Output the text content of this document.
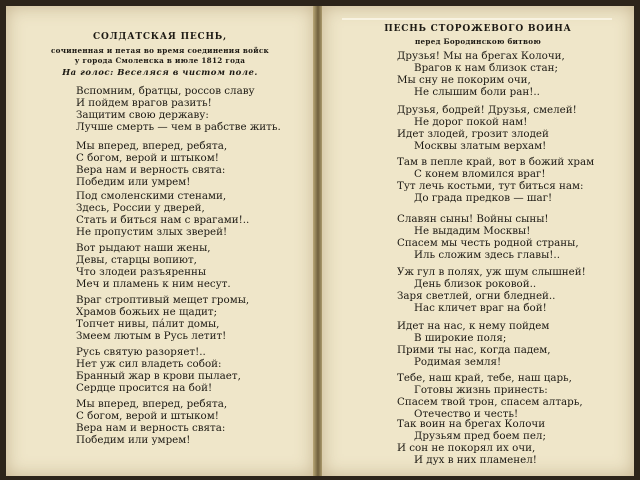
СОЛДАТСКАЯ ПЕСНЬ,
сочиненная и петая во время соединения войск
у города Смоленска в июле 1812 года
На голос: Веселяся в чистом поле.
Вспомним, братцы, россов славу
И пойдем врагов разить!
Защитим свою державу:
Лучше смерть — чем в рабстве жить.
Мы вперед, вперед, ребята,
С богом, верой и штыком!
Вера нам и верность свята:
Победим или умрем!
Под смоленскими стенами,
Здесь, России у дверей,
Стать и биться нам с врагами!..
Не пропустим злых зверей!
Вот рыдают наши жены,
Девы, старцы вопиют,
Что злодеи разъяренны
Меч и пламень к ним несут.
Враг строптивый мещет громы,
Храмов божьих не щадит;
Топчет нивы, пáлит домы,
Змеем лютым в Русь летит!
Русь святую разоряет!..
Нет уж сил владеть собой:
Бранный жар в крови пылает,
Сердце просится на бой!
Мы вперед, вперед, ребята,
С богом, верой и штыком!
Вера нам и верность свята:
Победим или умрем!
ПЕСНЬ СТОРОЖЕВОГО ВОИНА
перед Бородинскою битвою
Друзья! Мы на брегах Колочи,
Врагов к нам близок стан;
Мы сну не покорим очи,
Не слышим боли ран!..
Друзья, бодрей! Друзья, смелей!
Не дорог покой нам!
Идет злодей, грозит злодей
Москвы златым верхам!
Там в пепле край, вот в божий храм
С конем вломился враг!
Тут лечь костьми, тут биться нам:
До града предков — шаг!
Славян сыны! Войны сыны!
Не выдадим Москвы!
Спасем мы честь родной страны,
Иль сложим здесь главы!..
Уж гул в полях, уж шум слышней!
День близок роковой..
Заря светлей, огни бледней..
Нас кличет враг на бой!
Идет на нас, к нему пойдем
В широкие поля;
Прими ты нас, когда падем,
Родимая земля!
Тебе, наш край, тебе, наш царь,
Готовы жизнь принесть:
Спасем твой трон, спасем алтарь,
Отечество и честь!
Так воин на брегах Колочи
Друзьям пред боем пел;
И сон не покорял их очи,
И дух в них пламенел!
